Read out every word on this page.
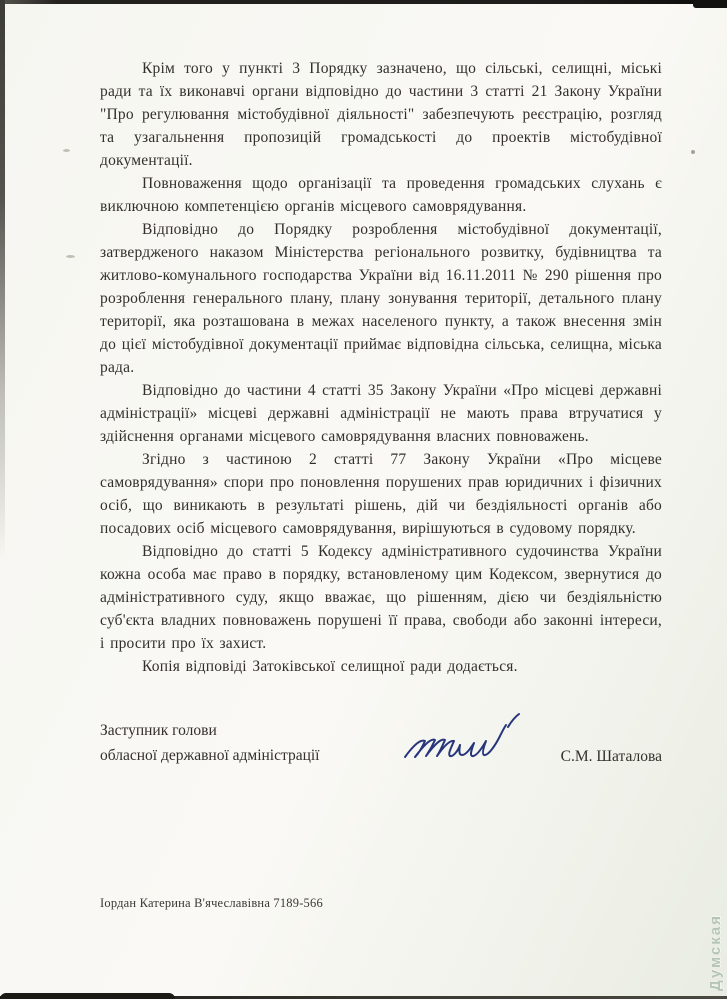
Крім того у пункті 3 Порядку зазначено, що сільські, селищні, міські ради та їх виконавчі органи відповідно до частини 3 статті 21 Закону України "Про регулювання містобудівної діяльності" забезпечують реєстрацію, розгляд та узагальнення пропозицій громадськості до проектів містобудівної документації.

Повноваження щодо організації та проведення громадських слухань є виключною компетенцією органів місцевого самоврядування.

Відповідно до Порядку розроблення містобудівної документації, затвердженого наказом Міністерства регіонального розвитку, будівництва та житлово-комунального господарства України від 16.11.2011 № 290 рішення про розроблення генерального плану, плану зонування території, детального плану території, яка розташована в межах населеного пункту, а також внесення змін до цієї містобудівної документації приймає відповідна сільська, селищна, міська рада.

Відповідно до частини 4 статті 35 Закону України «Про місцеві державні адміністрації» місцеві державні адміністрації не мають права втручатися у здійснення органами місцевого самоврядування власних повноважень.

Згідно з частиною 2 статті 77 Закону України «Про місцеве самоврядування» спори про поновлення порушених прав юридичних і фізичних осіб, що виникають в результаті рішень, дій чи бездіяльності органів або посадових осіб місцевого самоврядування, вирішуються в судовому порядку.

Відповідно до статті 5 Кодексу адміністративного судочинства України кожна особа має право в порядку, встановленому цим Кодексом, звернутися до адміністративного суду, якщо вважає, що рішенням, дією чи бездіяльністю суб'єкта владних повноважень порушені її права, свободи або законні інтереси, і просити про їх захист.

Копія відповіді Затоківської селищної ради додається.

Заступник голови
обласної державної адміністрації	С.М. Шаталова
Іордан Катерина В'ячеславівна 7189-566
Думская
